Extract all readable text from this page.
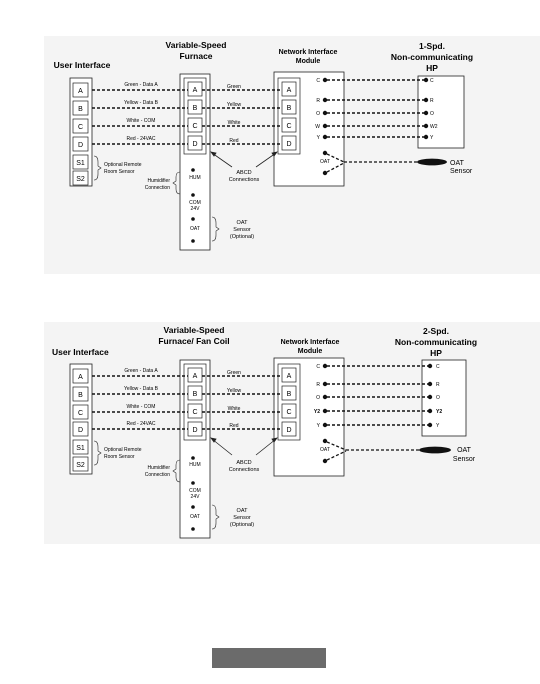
User Interface
Variable-Speed
Furnace	Network Interface
Module
1-Spd.
Non-communicating
HP
A
B
C
D
S1
S2
Optional Remote
Room Sensor
A
B
C
D
HUM
COM
24V
OAT
Humidifier
Connection
OAT
Sensor
(Optional)
Green - Data A
Yellow - Data B
White - COM
Red - 24VAC
A
B
C
D
Green
Yellow
White
Red
ABCD
Connections
C
R
O
W
Y
C
R
O
W2
Y
OAT	OAT
Sensor
User Interface
Variable-Speed
Furnace/ Fan Coil	Network Interface
Module
2-Spd.
Non-communicating
HP
A
B
C
D
S1
S2
Optional Remote
Room Sensor
A
B
C
D
HUM
COM
24V
OAT
Humidifier
Connection
OAT
Sensor
(Optional)
Green - Data A
Yellow - Data B
White - COM
Red - 24VAC
A
B
C
D
Green
Yellow
White
Red
ABCD
Connections
C
R
O
Y2
Y
C
R
O
Y2
Y
OAT	OAT
Sensor
